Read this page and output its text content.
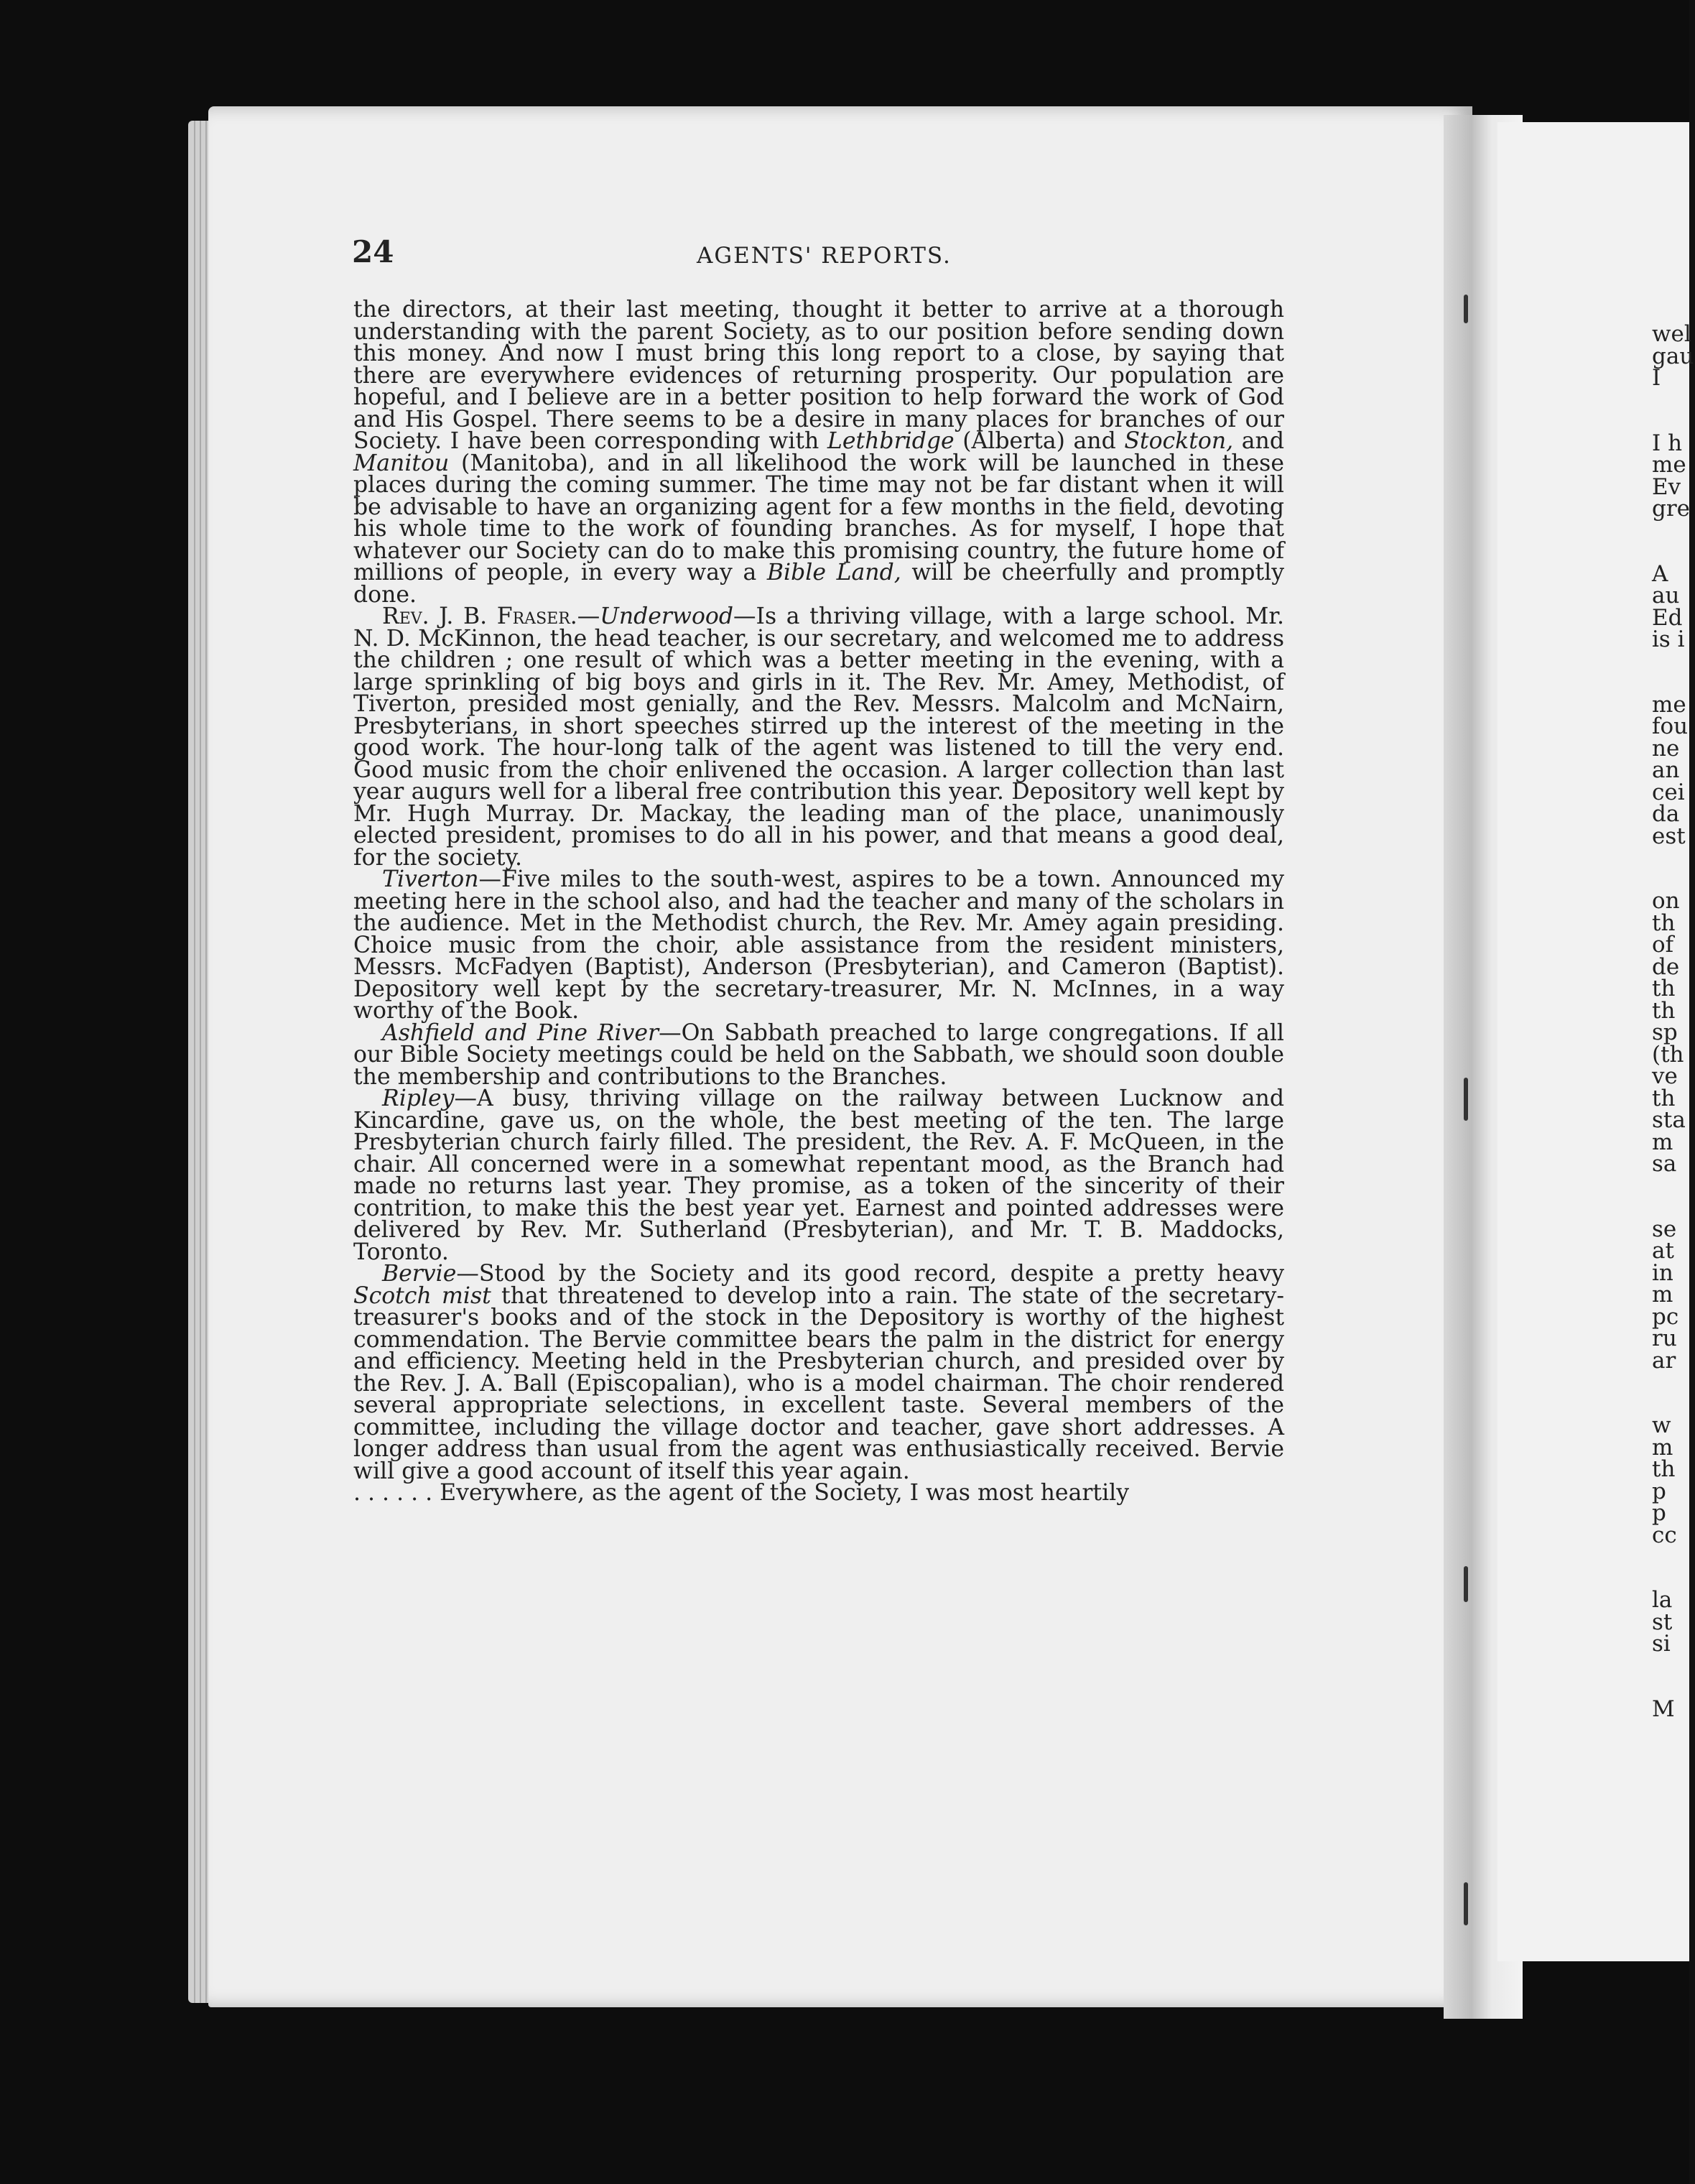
24	AGENTS' REPORTS.

the directors, at their last meeting, thought it better to arrive at a thorough understanding with the parent Society, as to our position before sending down this money. And now I must bring this long report to a close, by saying that there are everywhere evidences of returning prosperity. Our population are hopeful, and I believe are in a better position to help forward the work of God and His Gospel. There seems to be a desire in many places for branches of our Society. I have been corresponding with Lethbridge (Alberta) and Stockton, and Manitou (Manitoba), and in all likelihood the work will be launched in these places during the coming summer. The time may not be far distant when it will be advisable to have an organizing agent for a few months in the field, devoting his whole time to the work of founding branches. As for myself, I hope that whatever our Society can do to make this promising country, the future home of millions of people, in every way a Bible Land, will be cheerfully and promptly done.

Rev. J. B. Fraser.—Underwood—Is a thriving village, with a large school. Mr. N. D. McKinnon, the head teacher, is our secretary, and welcomed me to address the children ; one result of which was a better meeting in the evening, with a large sprinkling of big boys and girls in it. The Rev. Mr. Amey, Methodist, of Tiverton, presided most genially, and the Rev. Messrs. Malcolm and McNairn, Presbyterians, in short speeches stirred up the interest of the meeting in the good work. The hour-long talk of the agent was listened to till the very end. Good music from the choir enlivened the occasion. A larger collection than last year augurs well for a liberal free contribution this year. Depository well kept by Mr. Hugh Murray. Dr. Mackay, the leading man of the place, unanimously elected president, promises to do all in his power, and that means a good deal, for the society.

Tiverton—Five miles to the south-west, aspires to be a town. Announced my meeting here in the school also, and had the teacher and many of the scholars in the audience. Met in the Methodist church, the Rev. Mr. Amey again presiding. Choice music from the choir, able assistance from the resident ministers, Messrs. McFadyen (Baptist), Anderson (Presbyterian), and Cameron (Baptist). Depository well kept by the secretary-treasurer, Mr. N. McInnes, in a way worthy of the Book.

Ashfield and Pine River—On Sabbath preached to large congregations. If all our Bible Society meetings could be held on the Sabbath, we should soon double the membership and contributions to the Branches.

Ripley—A busy, thriving village on the railway between Lucknow and Kincardine, gave us, on the whole, the best meeting of the ten. The large Presbyterian church fairly filled. The president, the Rev. A. F. McQueen, in the chair. All concerned were in a somewhat repentant mood, as the Branch had made no returns last year. They promise, as a token of the sincerity of their contrition, to make this the best year yet. Earnest and pointed addresses were delivered by Rev. Mr. Sutherland (Presbyterian), and Mr. T. B. Maddocks, Toronto.

Bervie—Stood by the Society and its good record, despite a pretty heavy Scotch mist that threatened to develop into a rain. The state of the secretary-treasurer's books and of the stock in the Depository is worthy of the highest commendation. The Bervie committee bears the palm in the district for energy and efficiency. Meeting held in the Presbyterian church, and presided over by the Rev. J. A. Ball (Episcopalian), who is a model chairman. The choir rendered several appropriate selections, in excellent taste. Several members of the committee, including the village doctor and teacher, gave short addresses. A longer address than usual from the agent was enthusiastically received. Bervie will give a good account of itself this year again.

. . . . . . Everywhere, as the agent of the Society, I was most heartily

wel
gau
I
I h
me
Ev
gre
A
au
Ed
is i
me
fou
ne
an
cei
da
est
on
th
of
de
th
th
sp
(th
ve
th
sta
m
sa
se
at
in
m
pc
ru
ar
w
m
th
p
p
cc
la
st
si
M
